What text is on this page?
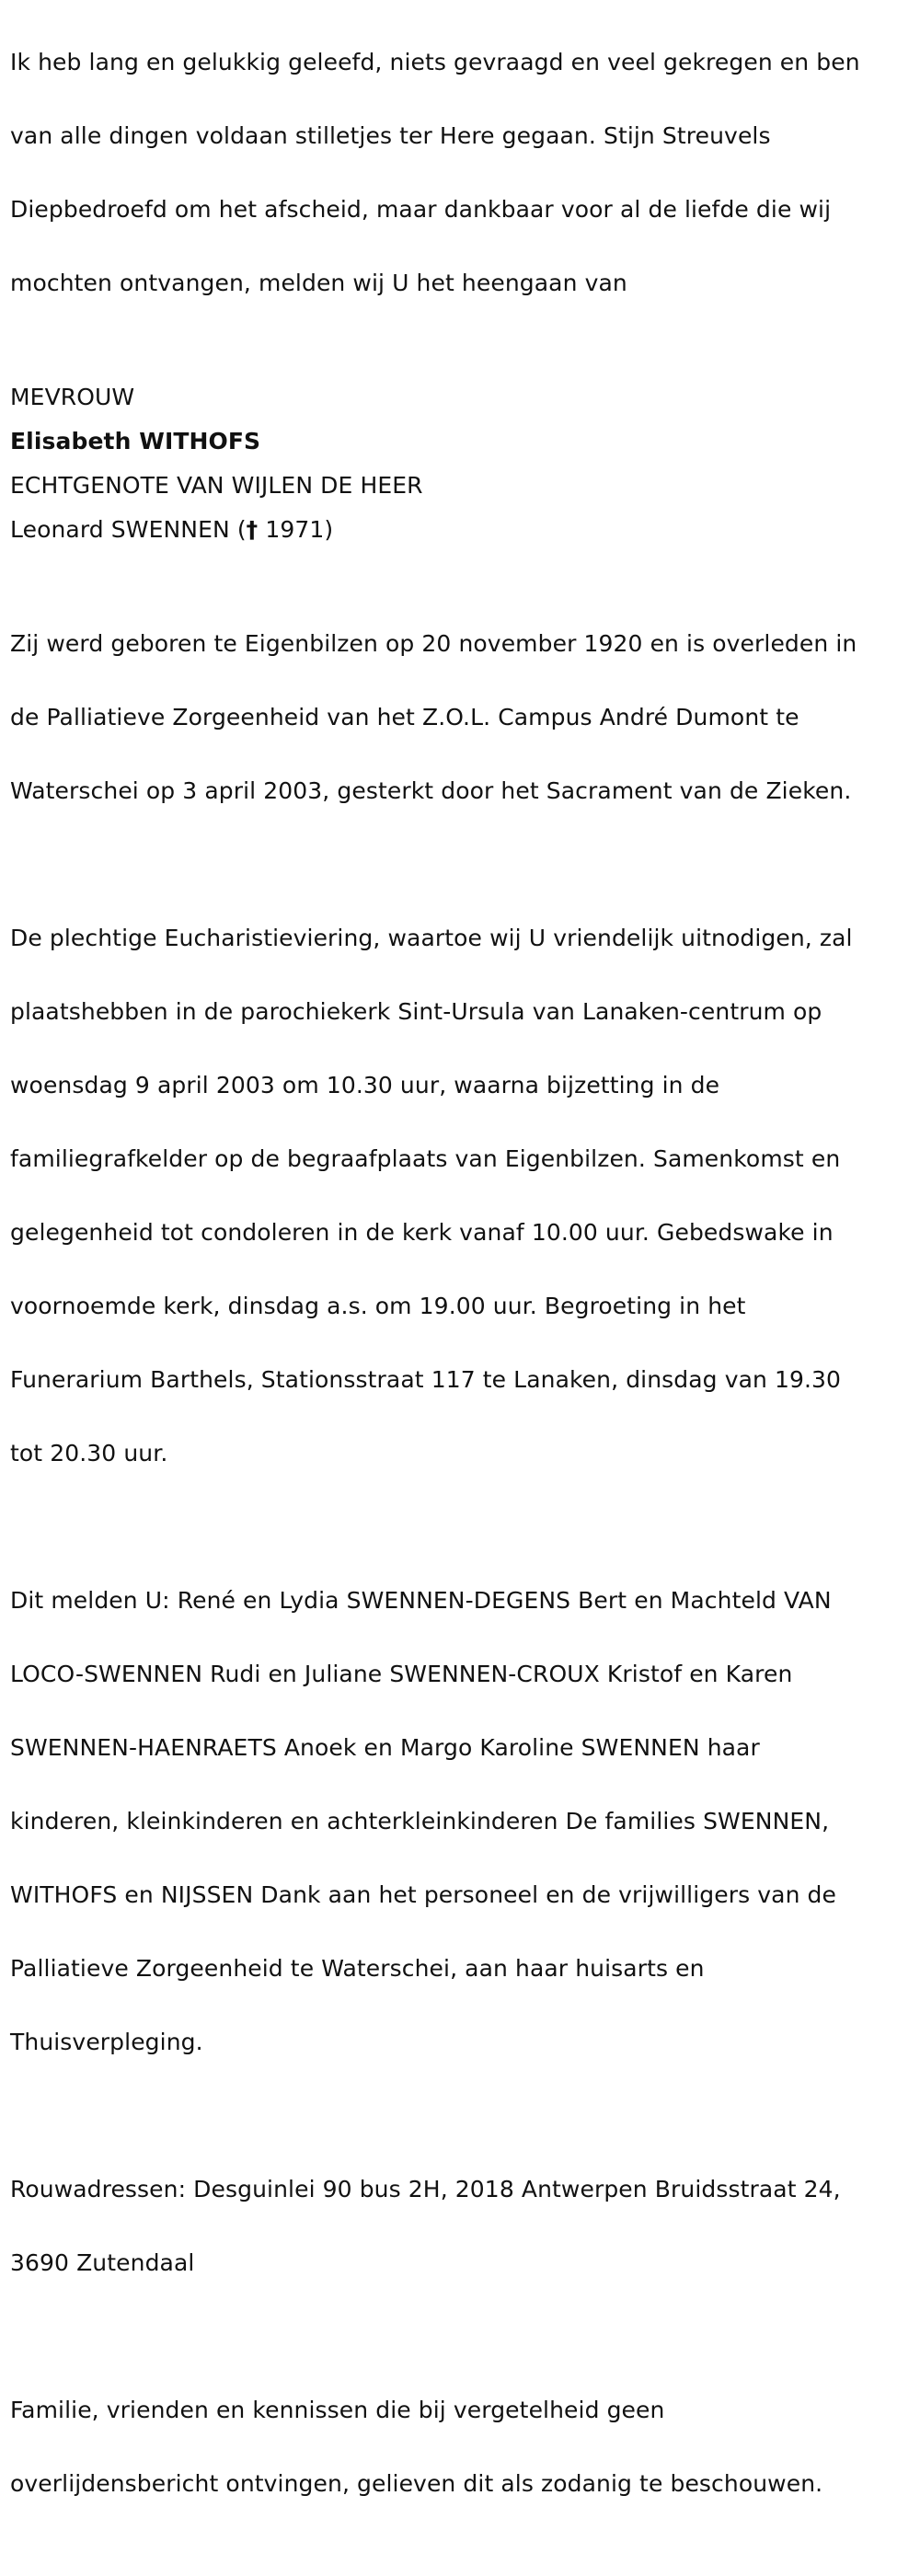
Ik heb lang en gelukkig geleefd, niets gevraagd en veel gekregen en ben

van alle dingen voldaan stilletjes ter Here gegaan. Stijn Streuvels

Diepbedroefd om het afscheid, maar dankbaar voor al de liefde die wij

mochten ontvangen, melden wij U het heengaan van

MEVROUW
Elisabeth WITHOFS
ECHTGENOTE VAN WIJLEN DE HEER
Leonard SWENNEN († 1971)

Zij werd geboren te Eigenbilzen op 20 november 1920 en is overleden in

de Palliatieve Zorgeenheid van het Z.O.L. Campus André Dumont te

Waterschei op 3 april 2003, gesterkt door het Sacrament van de Zieken.

De plechtige Eucharistieviering, waartoe wij U vriendelijk uitnodigen, zal

plaatshebben in de parochiekerk Sint-Ursula van Lanaken-centrum op

woensdag 9 april 2003 om 10.30 uur, waarna bijzetting in de

familiegrafkelder op de begraafplaats van Eigenbilzen. Samenkomst en

gelegenheid tot condoleren in de kerk vanaf 10.00 uur. Gebedswake in

voornoemde kerk, dinsdag a.s. om 19.00 uur. Begroeting in het

Funerarium Barthels, Stationsstraat 117 te Lanaken, dinsdag van 19.30

tot 20.30 uur.

Dit melden U: René en Lydia SWENNEN-DEGENS Bert en Machteld VAN

LOCO-SWENNEN Rudi en Juliane SWENNEN-CROUX Kristof en Karen

SWENNEN-HAENRAETS Anoek en Margo Karoline SWENNEN haar

kinderen, kleinkinderen en achterkleinkinderen De families SWENNEN,

WITHOFS en NIJSSEN Dank aan het personeel en de vrijwilligers van de

Palliatieve Zorgeenheid te Waterschei, aan haar huisarts en

Thuisverpleging.

Rouwadressen: Desguinlei 90 bus 2H, 2018 Antwerpen Bruidsstraat 24,

3690 Zutendaal

Familie, vrienden en kennissen die bij vergetelheid geen

overlijdensbericht ontvingen, gelieven dit als zodanig te beschouwen.
